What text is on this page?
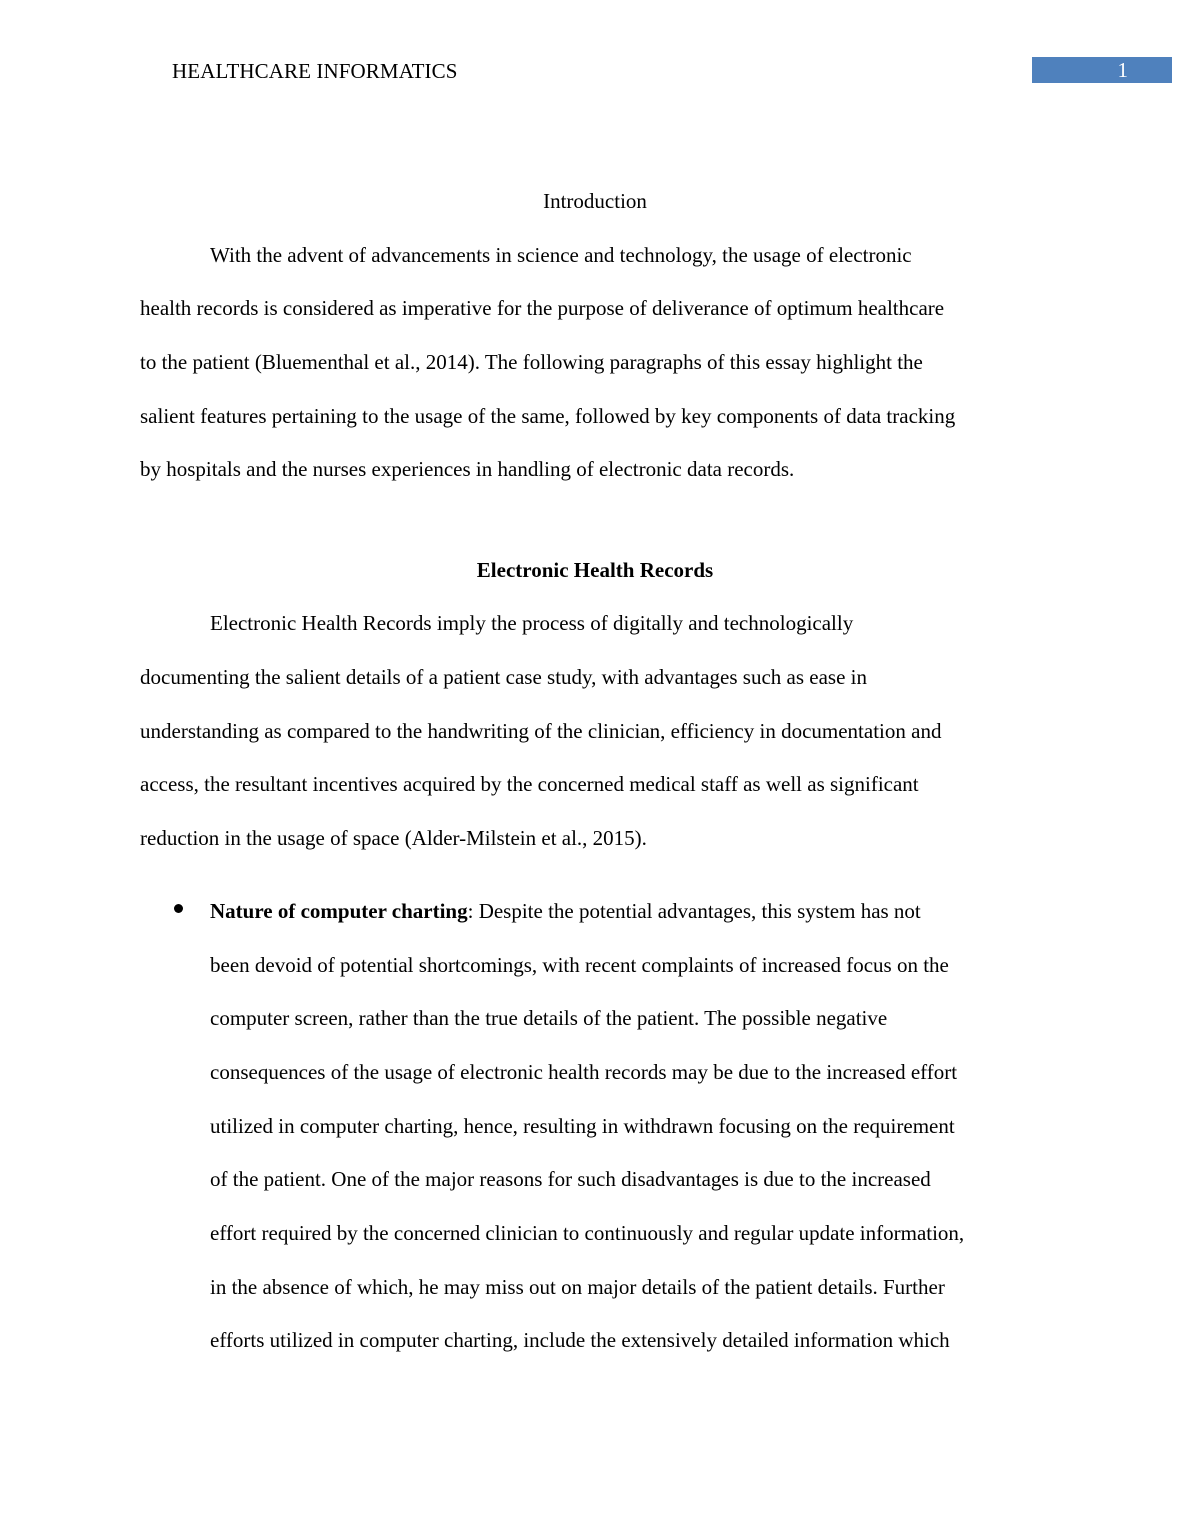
HEALTHCARE INFORMATICS	1
Introduction
With the advent of advancements in science and technology, the usage of electronic
health records is considered as imperative for the purpose of deliverance of optimum healthcare
to the patient (Bluementhal et al., 2014). The following paragraphs of this essay highlight the
salient features pertaining to the usage of the same, followed by key components of data tracking
by hospitals and the nurses experiences in handling of electronic data records.
Electronic Health Records
Electronic Health Records imply the process of digitally and technologically
documenting the salient details of a patient case study, with advantages such as ease in
understanding as compared to the handwriting of the clinician, efficiency in documentation and
access, the resultant incentives acquired by the concerned medical staff as well as significant
reduction in the usage of space (Alder-Milstein et al., 2015).
Nature of computer charting: Despite the potential advantages, this system has not
been devoid of potential shortcomings, with recent complaints of increased focus on the
computer screen, rather than the true details of the patient. The possible negative
consequences of the usage of electronic health records may be due to the increased effort
utilized in computer charting, hence, resulting in withdrawn focusing on the requirement
of the patient. One of the major reasons for such disadvantages is due to the increased
effort required by the concerned clinician to continuously and regular update information,
in the absence of which, he may miss out on major details of the patient details. Further
efforts utilized in computer charting, include the extensively detailed information which
